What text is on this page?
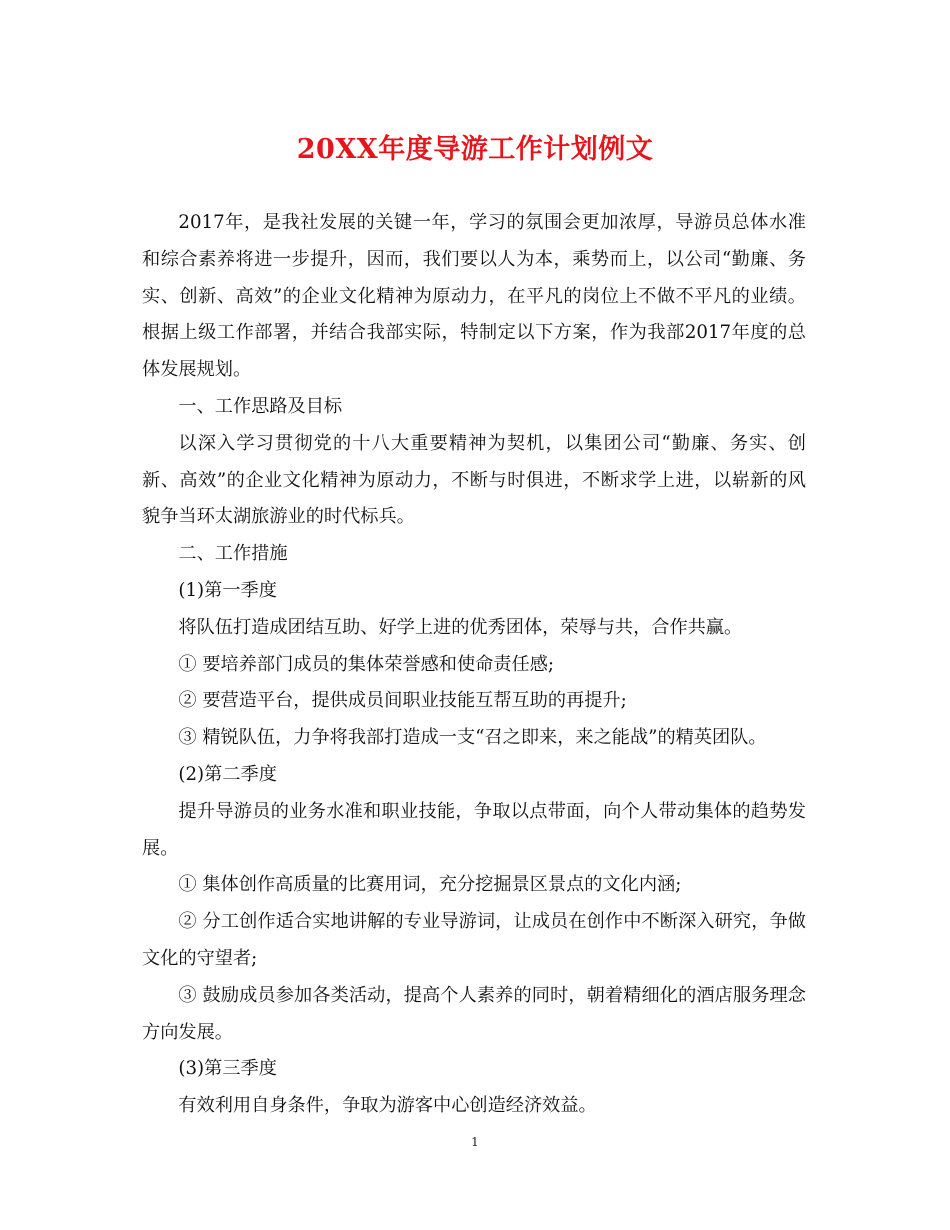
20XX年度导游工作计划例文

2017年，是我社发展的关键一年，学习的氛围会更加浓厚，导游员总体水准和综合素养将进一步提升，因而，我们要以人为本，乘势而上，以公司“勤廉、务实、创新、高效”的企业文化精神为原动力，在平凡的岗位上不做不平凡的业绩。根据上级工作部署，并结合我部实际，特制定以下方案，作为我部2017年度的总体发展规划。

一、工作思路及目标

以深入学习贯彻党的十八大重要精神为契机，以集团公司“勤廉、务实、创新、高效”的企业文化精神为原动力，不断与时俱进，不断求学上进，以崭新的风貌争当环太湖旅游业的时代标兵。

二、工作措施

(1)第一季度

将队伍打造成团结互助、好学上进的优秀团体，荣辱与共，合作共赢。

① 要培养部门成员的集体荣誉感和使命责任感;

② 要营造平台，提供成员间职业技能互帮互助的再提升;

③ 精锐队伍，力争将我部打造成一支“召之即来，来之能战”的精英团队。

(2)第二季度

提升导游员的业务水准和职业技能，争取以点带面，向个人带动集体的趋势发展。

① 集体创作高质量的比赛用词，充分挖掘景区景点的文化内涵;

② 分工创作适合实地讲解的专业导游词，让成员在创作中不断深入研究，争做文化的守望者;

③ 鼓励成员参加各类活动，提高个人素养的同时，朝着精细化的酒店服务理念方向发展。

(3)第三季度

有效利用自身条件，争取为游客中心创造经济效益。

1
